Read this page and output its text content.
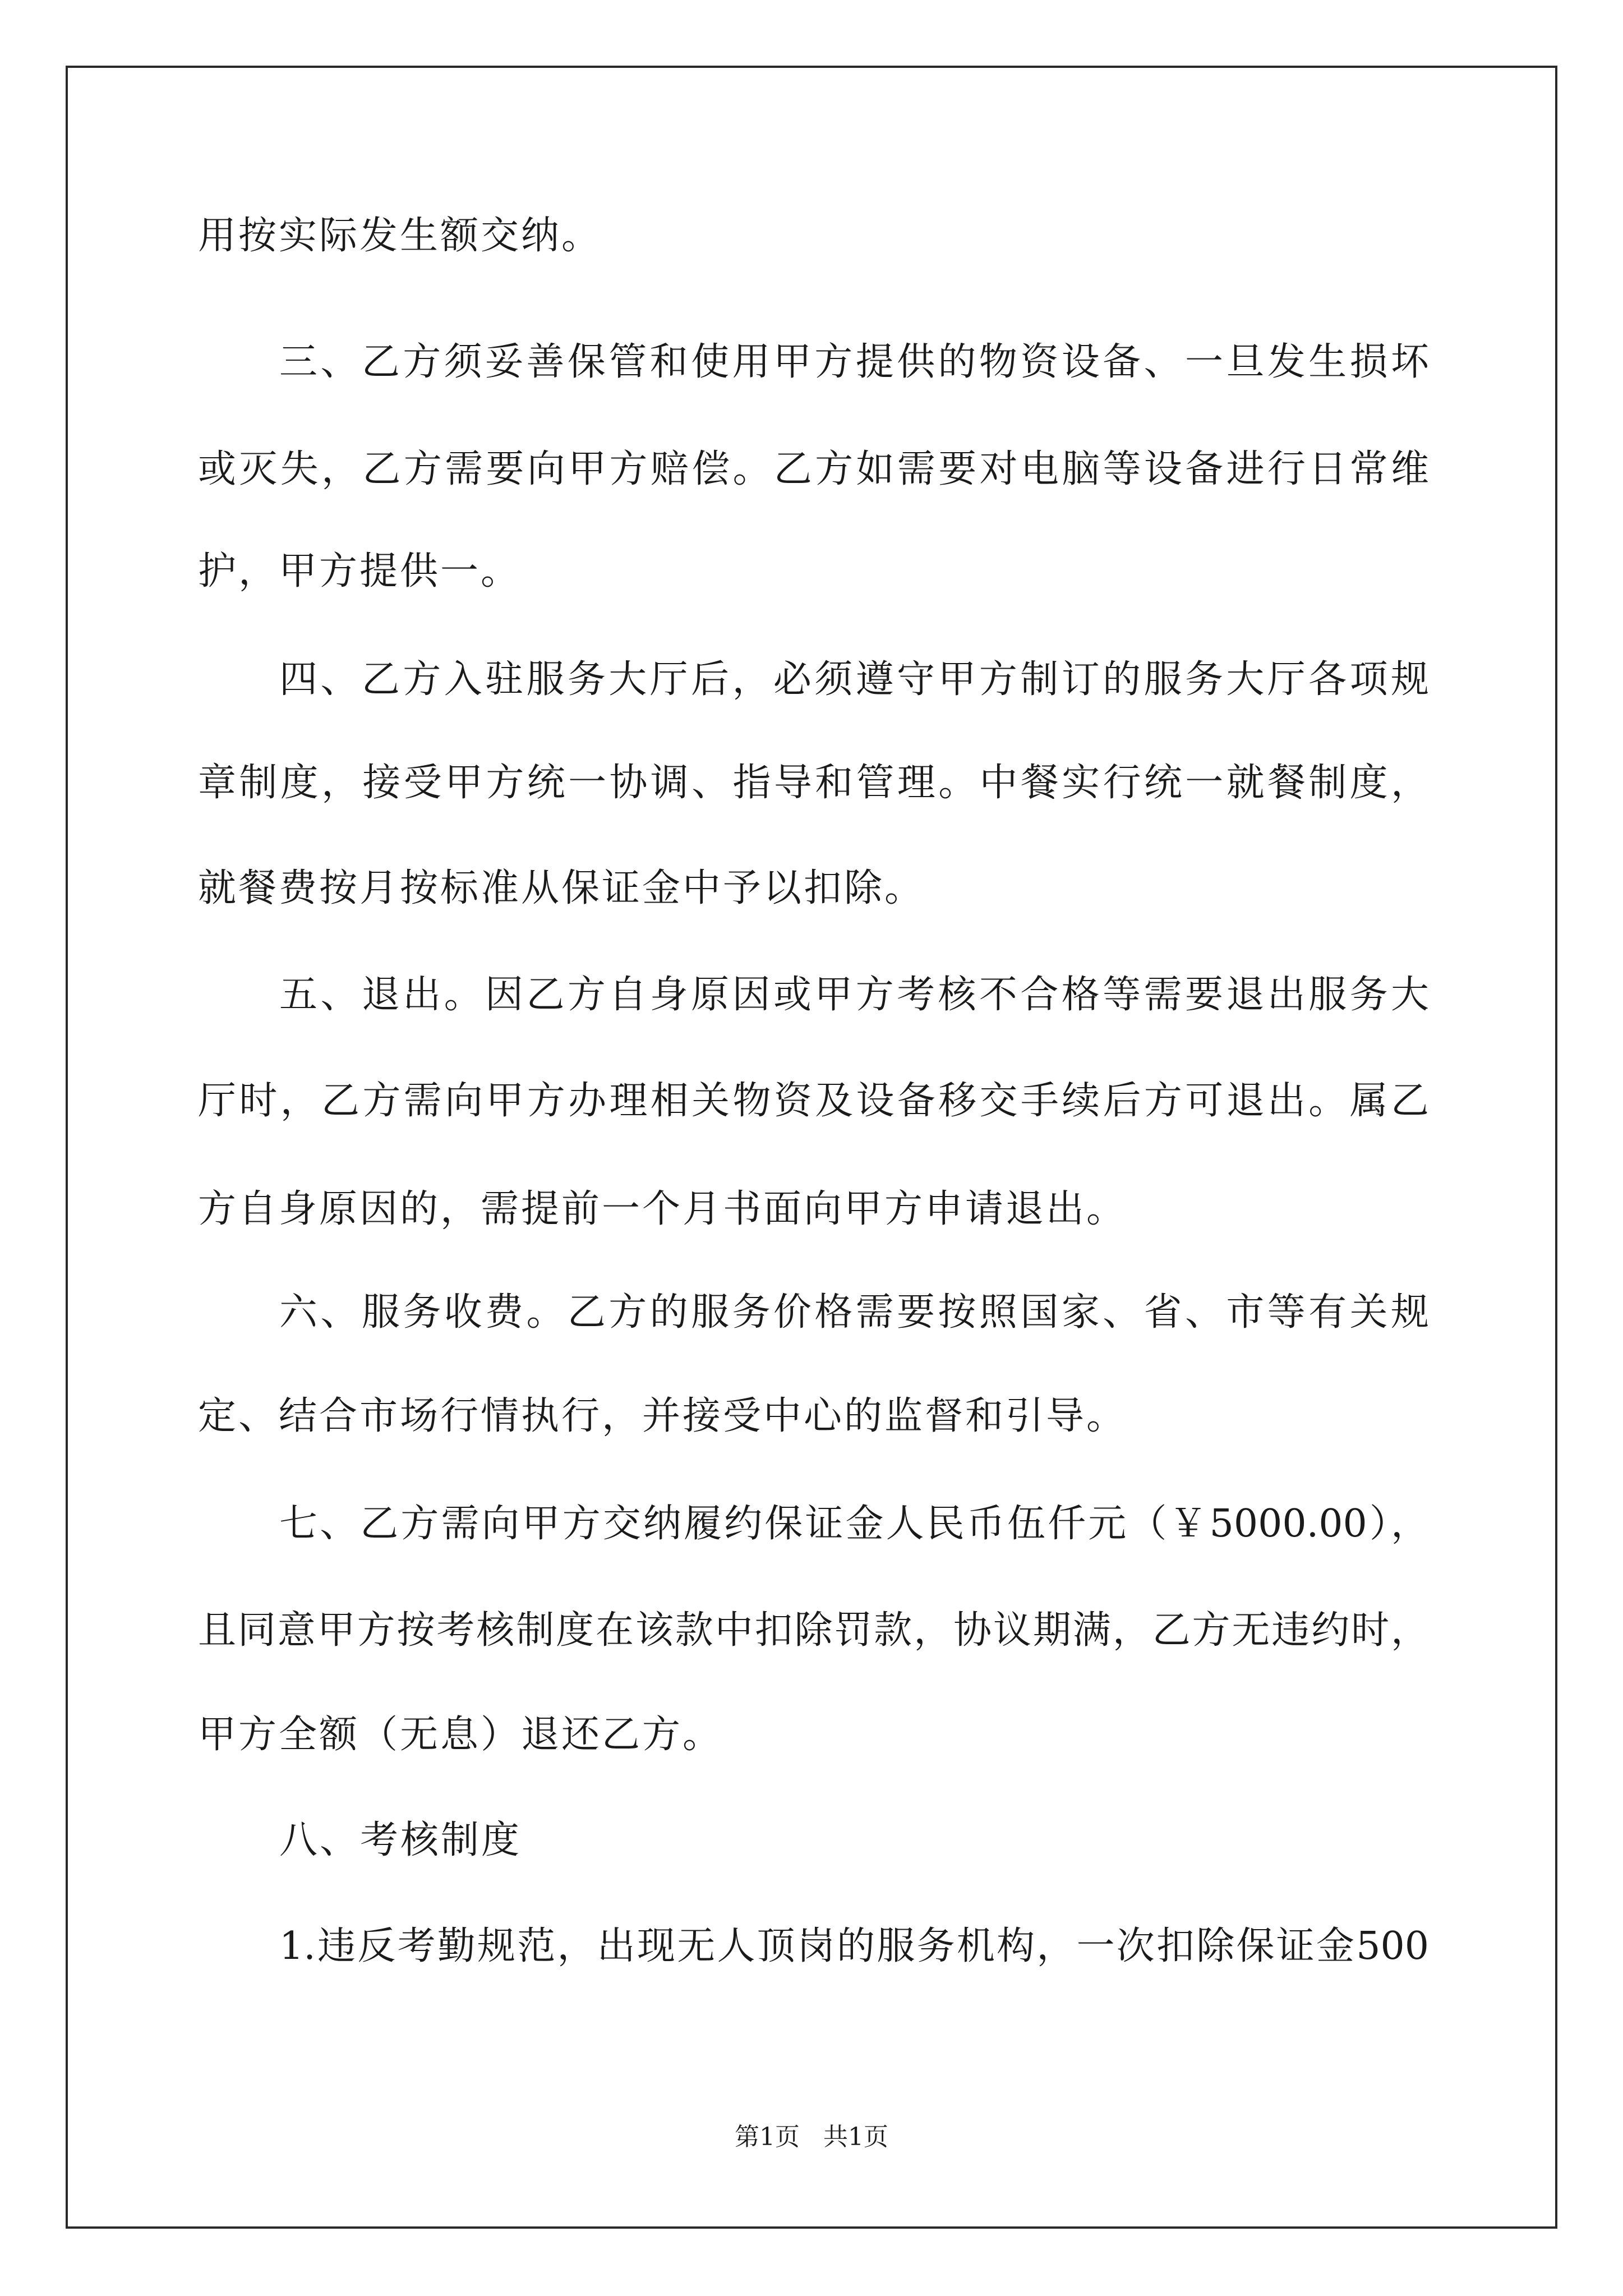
用按实际发生额交纳。
三、乙方须妥善保管和使用甲方提供的物资设备、一旦发生损坏
或灭失，乙方需要向甲方赔偿。乙方如需要对电脑等设备进行日常维
护，甲方提供一。
四、乙方入驻服务大厅后，必须遵守甲方制订的服务大厅各项规
章制度，接受甲方统一协调、指导和管理。中餐实行统一就餐制度，
就餐费按月按标准从保证金中予以扣除。
五、退出。因乙方自身原因或甲方考核不合格等需要退出服务大
厅时，乙方需向甲方办理相关物资及设备移交手续后方可退出。属乙
方自身原因的，需提前一个月书面向甲方申请退出。
六、服务收费。乙方的服务价格需要按照国家、省、市等有关规
定、结合市场行情执行，并接受中心的监督和引导。
七、乙方需向甲方交纳履约保证金人民币伍仟元（￥5000.00），
且同意甲方按考核制度在该款中扣除罚款，协议期满，乙方无违约时，
甲方全额（无息）退还乙方。
八、考核制度
1.违反考勤规范，出现无人顶岗的服务机构，一次扣除保证金500
第1页   共1页
